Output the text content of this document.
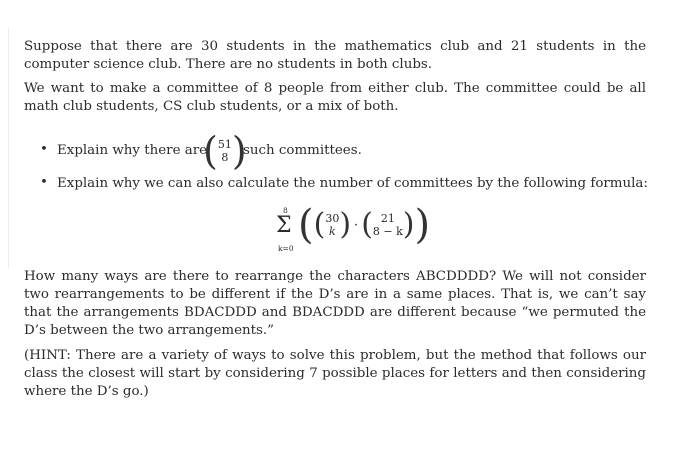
Suppose that there are 30 students in the mathematics club and 21 students in the computer science club. There are no students in both clubs.

We want to make a committee of 8 people from either club. The committee could be all math club students, CS club students, or a mix of both.

• Explain why there are
( 51
8 )
such committees.
• Explain why we can also calculate the number of committees by the following formula:
8
Σ
k=0
( ( 30
k ) · ( 21
8 − k ) )

How many ways are there to rearrange the characters ABCDDDD? We will not consider two rearrangements to be different if the D’s are in a same places. That is, we can’t say that the arrangements BDACDDD and BDACDDD are different because “we permuted the D’s between the two arrangements.”

(HINT: There are a variety of ways to solve this problem, but the method that follows our class the closest will start by considering 7 possible places for letters and then considering where the D’s go.)
